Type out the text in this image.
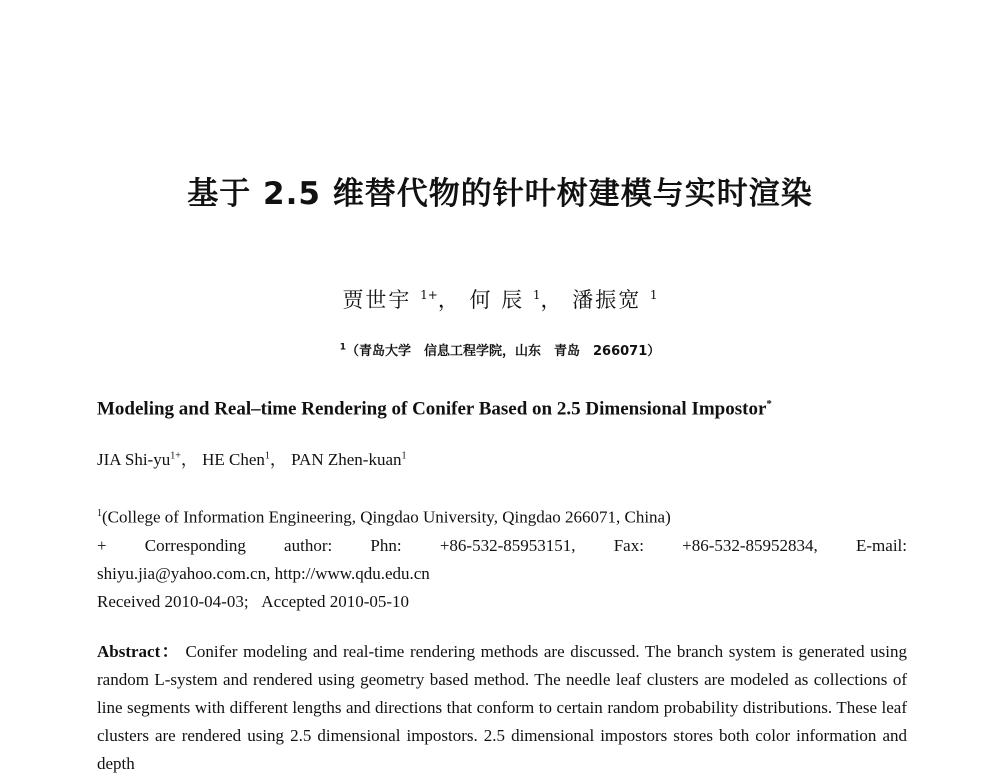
基于 2.5 维替代物的针叶树建模与实时渲染
贾世宇 $^{1+}$， 何 辰 $^1$， 潘振宽 $^1$
$^1$（青岛大学　信息工程学院，山东　青岛　266071）
Modeling and Real–time Rendering of Conifer Based on 2.5 Dimensional Impostor*
JIA Shi-$yu^{1+}$， HE Chen$^1$， PAN Zhen-kuan$^1$
$^1$(College of Information Engineering, Qingdao University, Qingdao 266071, China)
+ Corresponding author: Phn: +86-532-85953151, Fax: +86-532-85952834, E-mail:
shiyu.jia@yahoo.com.cn, http://www.qdu.edu.cn
Received 2010-04-03;   Accepted 2010-05-10
Abstract： Conifer modeling and real-time rendering methods are discussed. The branch system is generated using random L-system and rendered using geometry based method. The needle leaf clusters are modeled as collections of line segments with different lengths and directions that conform to certain random probability distributions. These leaf clusters are rendered using 2.5 dimensional impostors. 2.5 dimensional impostors stores both color information and depth
